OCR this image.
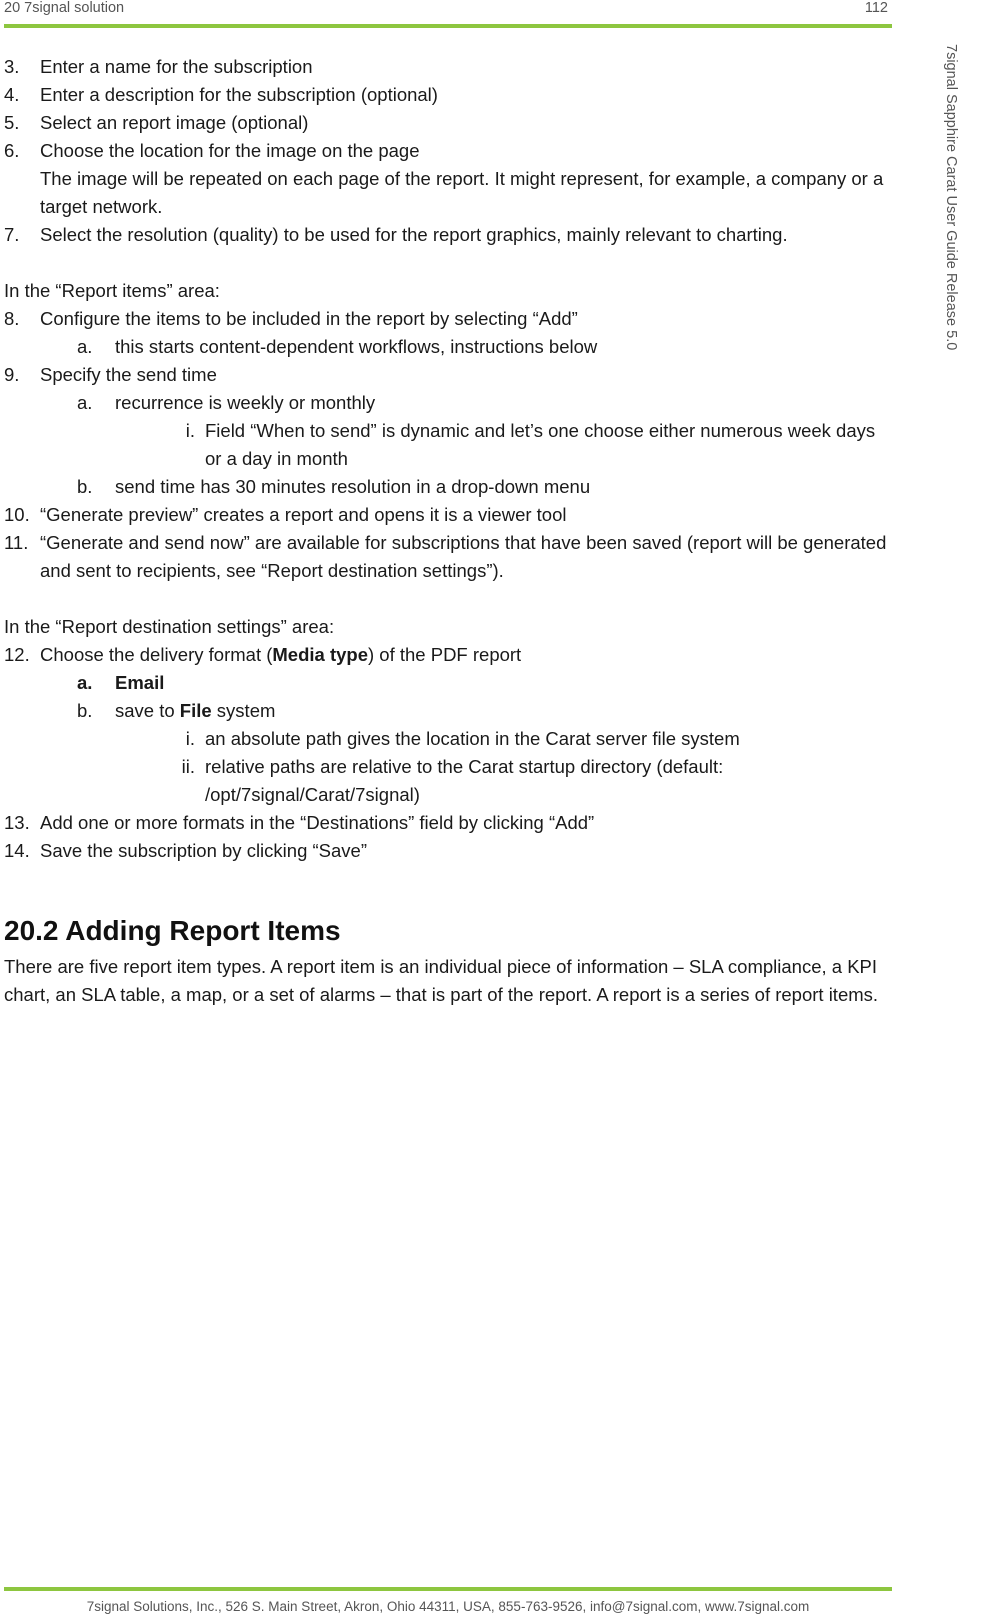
20 7signal solution	112
7signal Sapphire Carat User Guide Release 5.0
3.	Enter a name for the subscription
4.	Enter a description for the subscription (optional)
5.	Select an report image (optional)
6.	Choose the location for the image on the page
The image will be repeated on each page of the report. It might represent, for example, a company or a target network.
7.	Select the resolution (quality) to be used for the report graphics, mainly relevant to charting.

In the “Report items” area:

8.	Configure the items to be included in the report by selecting “Add”
a.	this starts content-dependent workflows, instructions below
9.	Specify the send time
a.	recurrence is weekly or monthly
i. Field “When to send” is dynamic and let’s one choose either numerous week days or a day in month
b.	send time has 30 minutes resolution in a drop-down menu
10. “Generate preview” creates a report and opens it is a viewer tool
11. “Generate and send now” are available for subscriptions that have been saved (report will be generated and sent to recipients, see “Report destination settings”).

In the “Report destination settings” area:

12. Choose the delivery format (Media type) of the PDF report
a.	Email
b.	save to File system
i. an absolute path gives the location in the Carat server file system
ii. relative paths are relative to the Carat startup directory (default: /opt/7signal/Carat/7signal)
13. Add one or more formats in the “Destinations” field by clicking “Add”
14. Save the subscription by clicking “Save”
20.2 Adding Report Items

There are five report item types. A report item is an individual piece of information – SLA compliance, a KPI chart, an SLA table, a map, or a set of alarms – that is part of the report. A report is a series of report items.

7signal Solutions, Inc., 526 S. Main Street, Akron, Ohio 44311, USA, 855-763-9526, info@7signal.com, www.7signal.com
